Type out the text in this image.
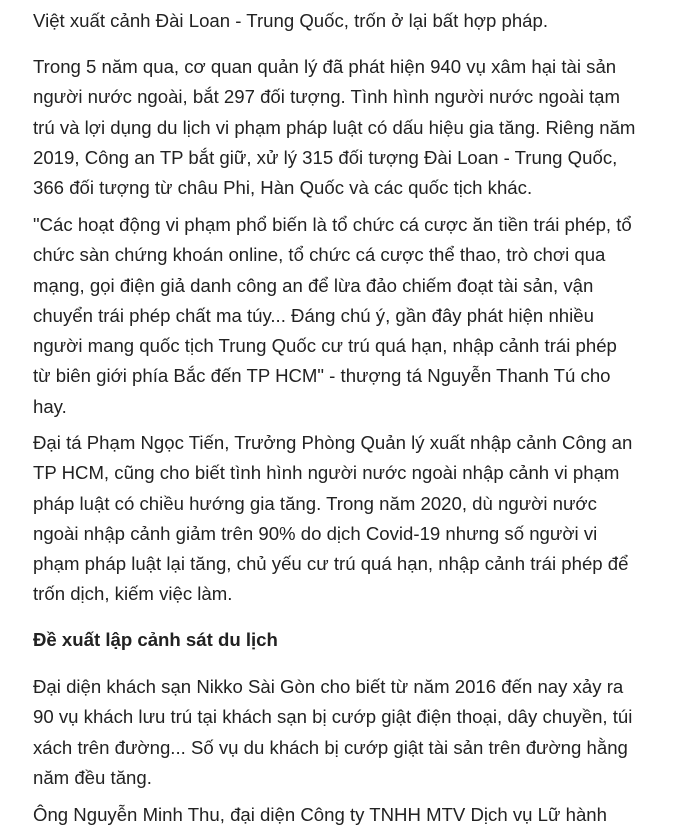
Việt xuất cảnh Đài Loan - Trung Quốc, trốn ở lại bất hợp pháp.

Trong 5 năm qua, cơ quan quản lý đã phát hiện 940 vụ xâm hại tài sản
người nước ngoài, bắt 297 đối tượng. Tình hình người nước ngoài tạm
trú và lợi dụng du lịch vi phạm pháp luật có dấu hiệu gia tăng. Riêng năm
2019, Công an TP bắt giữ, xử lý 315 đối tượng Đài Loan - Trung Quốc,
366 đối tượng từ châu Phi, Hàn Quốc và các quốc tịch khác.

"Các hoạt động vi phạm phổ biến là tổ chức cá cược ăn tiền trái phép, tổ
chức sàn chứng khoán online, tổ chức cá cược thể thao, trò chơi qua
mạng, gọi điện giả danh công an để lừa đảo chiếm đoạt tài sản, vận
chuyển trái phép chất ma túy... Đáng chú ý, gần đây phát hiện nhiều
người mang quốc tịch Trung Quốc cư trú quá hạn, nhập cảnh trái phép
từ biên giới phía Bắc đến TP HCM" - thượng tá Nguyễn Thanh Tú cho
hay.

Đại tá Phạm Ngọc Tiến, Trưởng Phòng Quản lý xuất nhập cảnh Công an
TP HCM, cũng cho biết tình hình người nước ngoài nhập cảnh vi phạm
pháp luật có chiều hướng gia tăng. Trong năm 2020, dù người nước
ngoài nhập cảnh giảm trên 90% do dịch Covid-19 nhưng số người vi
phạm pháp luật lại tăng, chủ yếu cư trú quá hạn, nhập cảnh trái phép để
trốn dịch, kiếm việc làm.

Đề xuất lập cảnh sát du lịch

Đại diện khách sạn Nikko Sài Gòn cho biết từ năm 2016 đến nay xảy ra
90 vụ khách lưu trú tại khách sạn bị cướp giật điện thoại, dây chuyền, túi
xách trên đường... Số vụ du khách bị cướp giật tài sản trên đường hằng
năm đều tăng.

Ông Nguyễn Minh Thu, đại diện Công ty TNHH MTV Dịch vụ Lữ hành
